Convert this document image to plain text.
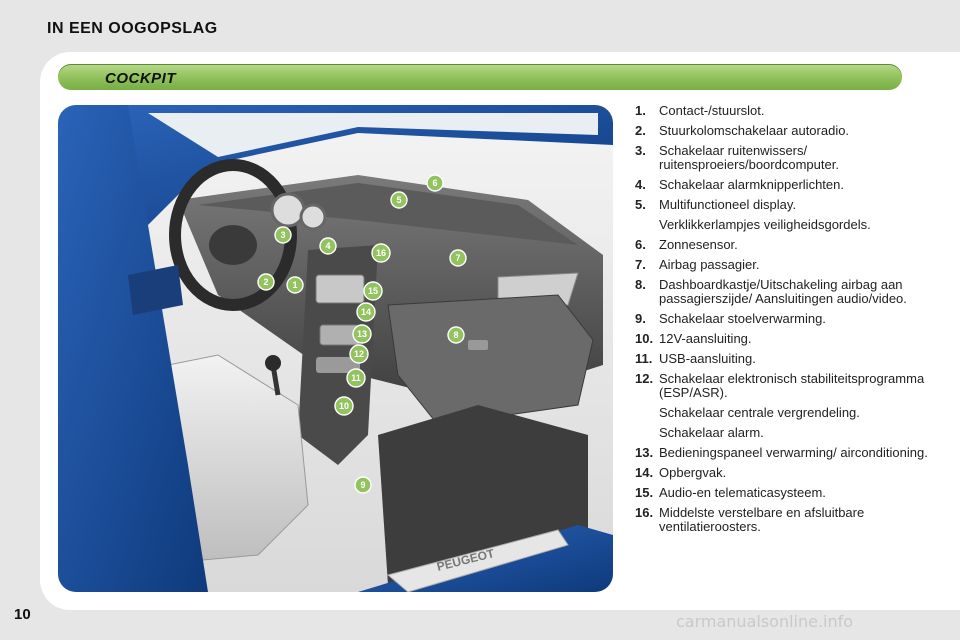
IN EEN OOGOPSLAG
COCKPIT
PEUGEOT
1
2
3
4
5
6
7
8
9
10
11
12
13
14
15
16
1.	Contact-/stuurslot.
2.	Stuurkolomschakelaar autoradio.
3.	Schakelaar ruitenwissers/ ruitensproeiers/boordcomputer.
4.	Schakelaar alarmknipperlichten.
5.	Multifunctioneel display.
Verklikkerlampjes veiligheidsgordels.
6.	Zonnesensor.
7.	Airbag passagier.
8.	Dashboardkastje/Uitschakeling airbag aan passagierszijde/ Aansluitingen audio/video.
9.	Schakelaar stoelverwarming.
10. 12V-aansluiting.
11. USB-aansluiting.
12. Schakelaar elektronisch stabiliteitsprogramma (ESP/ASR).
Schakelaar centrale vergrendeling.
Schakelaar alarm.
13. Bedieningspaneel verwarming/ airconditioning.
14. Opbergvak.
15. Audio-en telematicasysteem.
16. Middelste verstelbare en afsluitbare ventilatieroosters.
10	carmanualsonline.info
